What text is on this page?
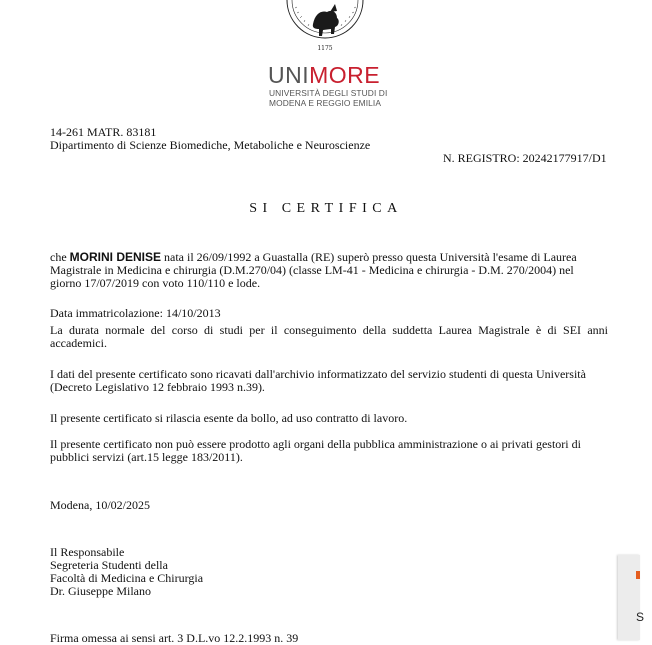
1175
UNIMORE
UNIVERSITÀ DEGLI STUDI DI
MODENA E REGGIO EMILIA
14-261 MATR. 83181
Dipartimento di Scienze Biomediche, Metaboliche e Neuroscienze
N. REGISTRO: 20242177917/D1
SI CERTIFICA
che MORINI DENISE nata il 26/09/1992 a Guastalla (RE) superò presso questa Università l'esame di Laurea
Magistrale in Medicina e chirurgia (D.M.270/04) (classe LM-41 - Medicina e chirurgia - D.M. 270/2004) nel
giorno 17/07/2019 con voto 110/110 e lode.
Data immatricolazione: 14/10/2013
La durata normale del corso di studi per il conseguimento della suddetta Laurea Magistrale è di SEI anni
accademici.
I dati del presente certificato sono ricavati dall'archivio informatizzato del servizio studenti di questa Università
(Decreto Legislativo 12 febbraio 1993 n.39).
Il presente certificato si rilascia esente da bollo, ad uso contratto di lavoro.
Il presente certificato non può essere prodotto agli organi della pubblica amministrazione o ai privati gestori di
pubblici servizi (art.15 legge 183/2011).
Modena, 10/02/2025
Il Responsabile
Segreteria Studenti della
Facoltà di Medicina e Chirurgia
Dr. Giuseppe Milano
Firma omessa ai sensi art. 3 D.L.vo 12.2.1993 n. 39
S
